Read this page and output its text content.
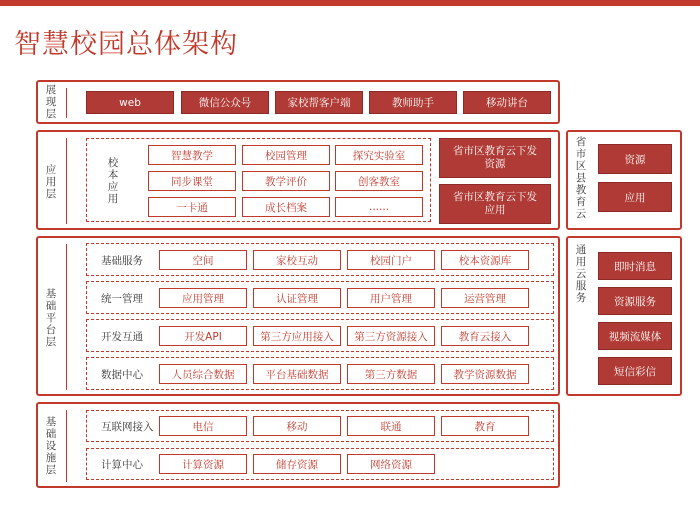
智慧校园总体架构
展现层
web	微信公众号	家校帮客户端	教师助手	移动讲台
应用层
校本应用
智慧教学	校园管理	探究实验室
同步课堂	教学评价	创客教室
一卡通	成长档案	......
省市区教育云下发资源
省市区教育云下发应用
基础平台层
基础服务	空间	家校互动	校园门户	校本资源库
统一管理	应用管理	认证管理	用户管理	运营管理
开发互通	开发API	第三方应用接入	第三方资源接入	教育云接入
数据中心	人员综合数据	平台基础数据	第三方数据	教学资源数据
基础设施层
互联网接入	电信	移动	联通	教育
计算中心	计算资源	储存资源	网络资源
省市区县教育云
资源
应用
通用云服务
即时消息
资源服务
视频流媒体
短信彩信
